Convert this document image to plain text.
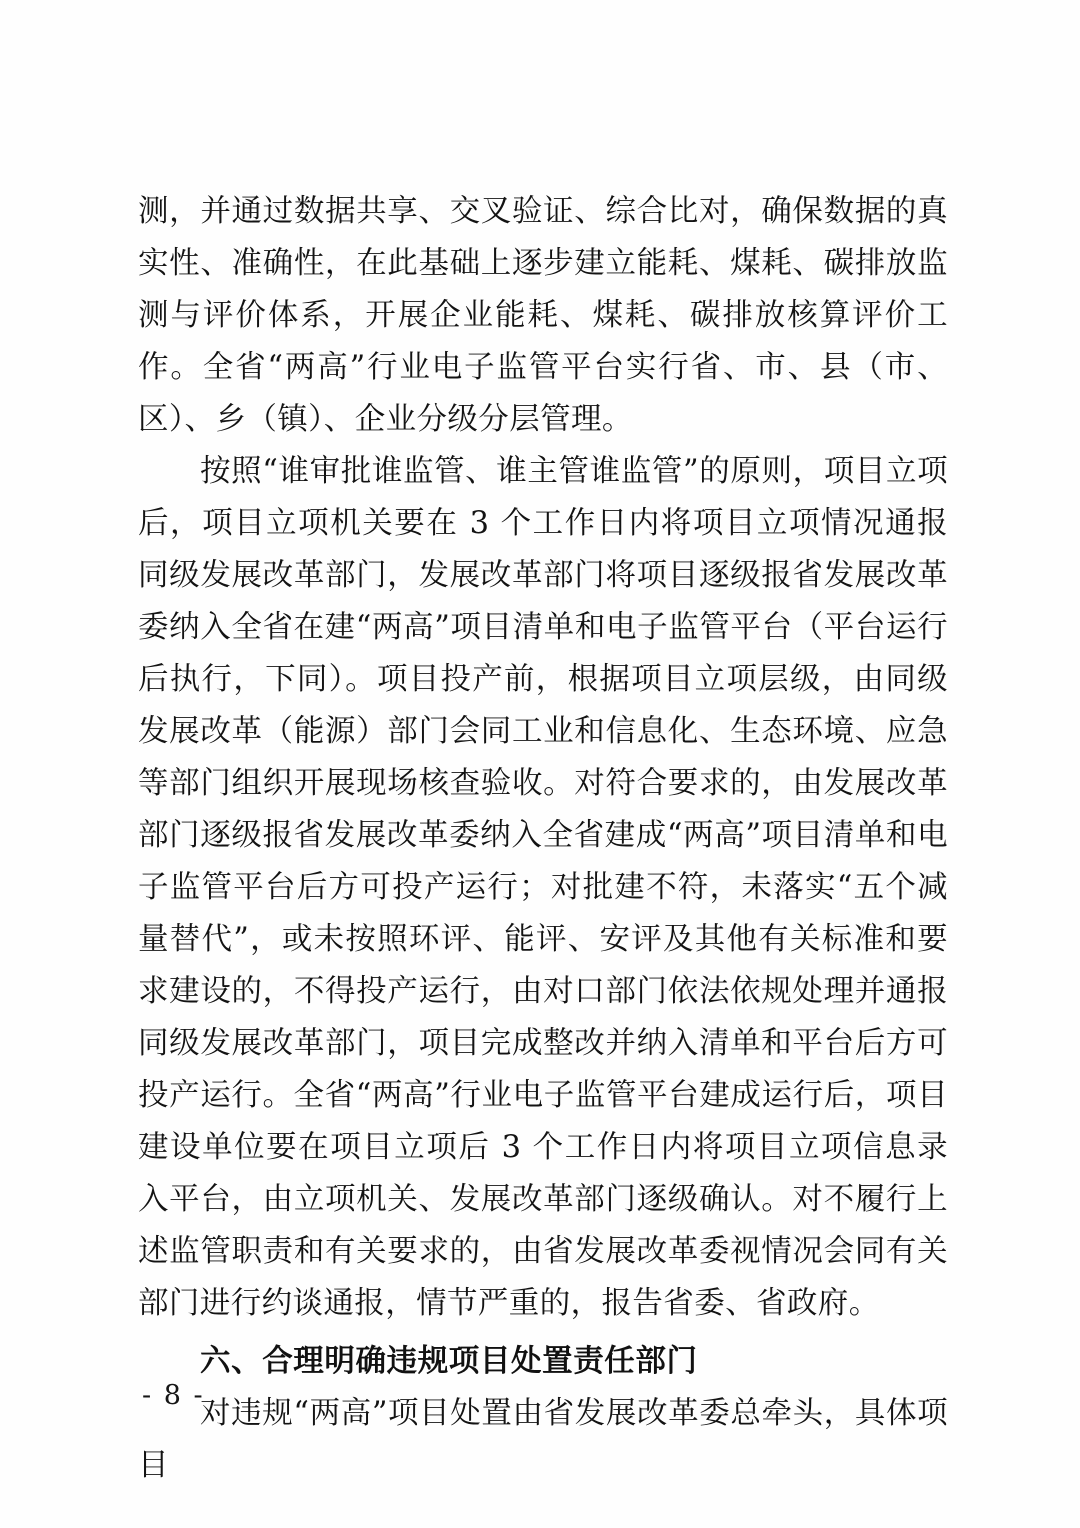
测，并通过数据共享、交叉验证、综合比对，确保数据的真实性、准确性，在此基础上逐步建立能耗、煤耗、碳排放监测与评价体系，开展企业能耗、煤耗、碳排放核算评价工作。全省“两高”行业电子监管平台实行省、市、县（市、区）、乡（镇）、企业分级分层管理。

按照“谁审批谁监管、谁主管谁监管”的原则，项目立项后，项目立项机关要在 3 个工作日内将项目立项情况通报同级发展改革部门，发展改革部门将项目逐级报省发展改革委纳入全省在建“两高”项目清单和电子监管平台（平台运行后执行，下同）。项目投产前，根据项目立项层级，由同级发展改革（能源）部门会同工业和信息化、生态环境、应急等部门组织开展现场核查验收。对符合要求的，由发展改革部门逐级报省发展改革委纳入全省建成“两高”项目清单和电子监管平台后方可投产运行；对批建不符，未落实“五个减量替代”，或未按照环评、能评、安评及其他有关标准和要求建设的，不得投产运行，由对口部门依法依规处理并通报同级发展改革部门，项目完成整改并纳入清单和平台后方可投产运行。全省“两高”行业电子监管平台建成运行后，项目建设单位要在项目立项后 3 个工作日内将项目立项信息录入平台，由立项机关、发展改革部门逐级确认。对不履行上述监管职责和有关要求的，由省发展改革委视情况会同有关部门进行约谈通报，情节严重的，报告省委、省政府。

六、合理明确违规项目处置责任部门

对违规“两高”项目处置由省发展改革委总牵头，具体项目

- 8 -
